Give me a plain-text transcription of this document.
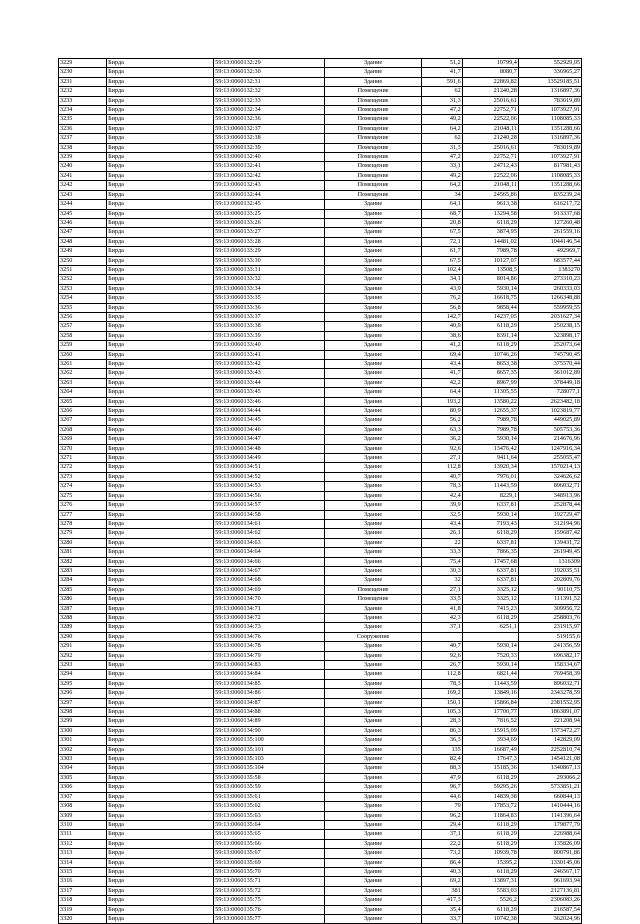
3229	Бирда	59:13:0060132:29	Здание	51,2	10799,4	552929,05
3230	Бирда	59:13:0060132:30	Здание	41,7	8080,7	336965,27
3231	Бирда	59:13:0060132:31	Здание	591,6	22869,82	13529185,51
3232	Бирда	59:13:0060132:32	Помещение	62	21240,28	1316897,36
3233	Бирда	59:13:0060132:33	Помещение	31,3	25016,61	783019,89
3234	Бирда	59:13:0060132:34	Помещение	47,2	22752,71	1073927,91
3235	Бирда	59:13:0060132:36	Помещение	49,2	22522,06	1108085,33
3236	Бирда	59:13:0060132:37	Помещение	64,2	21048,11	1351288,66
3237	Бирда	59:13:0060132:38	Помещение	62	21240,28	1316897,36
3238	Бирда	59:13:0060132:39	Помещение	31,3	25016,61	783019,89
3239	Бирда	59:13:0060132:40	Помещение	47,2	22752,71	1073927,91
3240	Бирда	59:13:0060132:41	Помещение	33,1	24712,43	817981,43
3241	Бирда	59:13:0060132:42	Помещение	49,2	22522,06	1108085,33
3242	Бирда	59:13:0060132:43	Помещение	64,2	21048,11	1351288,66
3243	Бирда	59:13:0060132:44	Помещение	34	24565,86	835239,24
3244	Бирда	59:13:0060132:45	Здание	64,1	9613,38	616217,72
3245	Бирда	59:13:0060133:25	Здание	68,7	13294,58	913337,68
3246	Бирда	59:13:0060133:26	Здание	20,8	6118,29	127260,48
3247	Бирда	59:13:0060133:27	Здание	67,5	3874,95	261559,16
3248	Бирда	59:13:0060133:28	Здание	72,1	14481,02	1044146,54
3249	Бирда	59:13:0060133:29	Здание	61,7	7989,78	492969,7
3250	Бирда	59:13:0060133:30	Здание	67,5	10127,07	683577,44
3251	Бирда	59:13:0060133:31	Здание	102,4	13508,5	1383270
3252	Бирда	59:13:0060133:32	Здание	34,1	8014,86	273310,23
3253	Бирда	59:13:0060133:34	Здание	43,9	5930,14	260333,03
3254	Бирда	59:13:0060133:35	Здание	76,2	16618,75	1266348,88
3255	Бирда	59:13:0060133:36	Здание	56,8	9858,44	559959,55
3256	Бирда	59:13:0060133:37	Здание	142,7	14237,05	2031627,34
3257	Бирда	59:13:0060133:38	Здание	40,9	6118,29	250238,15
3258	Бирда	59:13:0060133:39	Здание	38,6	8391,14	323898,17
3259	Бирда	59:13:0060133:40	Здание	41,2	6118,29	252073,64
3260	Бирда	59:13:0060133:41	Здание	69,4	10746,26	745790,45
3261	Бирда	59:13:0060133:42	Здание	43,4	8653,38	375570,44
3262	Бирда	59:13:0060133:43	Здание	41,7	8657,35	361012,89
3263	Бирда	59:13:0060133:44	Здание	42,2	8967,99	378449,18
3264	Бирда	59:13:0060133:45	Здание	64,4	11305,55	728077,1
3265	Бирда	59:13:0060133:46	Здание	193,2	13580,22	2623482,18
3266	Бирда	59:13:0060134:44	Здание	80,9	12655,37	1023819,77
3267	Бирда	59:13:0060134:45	Здание	56,2	7989,78	449025,89
3268	Бирда	59:13:0060134:46	Здание	63,3	7989,78	505753,36
3269	Бирда	59:13:0060134:47	Здание	36,2	5930,14	214676,96
3270	Бирда	59:13:0060134:48	Здание	92,6	13476,42	1247916,34
3271	Бирда	59:13:0060134:49	Здание	27,1	9411,64	255055,47
3272	Бирда	59:13:0060134:51	Здание	112,8	13920,34	1570214,13
3273	Бирда	59:13:0060134:52	Здание	40,7	7976,01	324626,62
3274	Бирда	59:13:0060134:53	Здание	78,3	11443,59	896032,71
3275	Бирда	59:13:0060134:56	Здание	42,4	8229,1	348913,96
3276	Бирда	59:13:0060134:57	Здание	39,9	6337,81	252878,44
3277	Бирда	59:13:0060134:58	Здание	32,5	5930,14	192729,47
3278	Бирда	59:13:0060134:61	Здание	43,4	7193,43	312194,96
3279	Бирда	59:13:0060134:62	Здание	26,1	6118,29	159687,42
3280	Бирда	59:13:0060134:63	Здание	22	6337,81	139431,72
3281	Бирда	59:13:0060134:64	Здание	33,3	7866,35	261949,45
3282	Бирда	59:13:0060134:66	Здание	75,4	17457,68	1316309
3283	Бирда	59:13:0060134:67	Здание	30,3	6337,81	192035,51
3284	Бирда	59:13:0060134:68	Здание	32	6337,81	202809,76
3285	Бирда	59:13:0060134:69	Помещение	27,1	3325,12	90110,75
3286	Бирда	59:13:0060134:70	Помещение	33,5	3325,12	111391,52
3287	Бирда	59:13:0060134:71	Здание	41,8	7415,23	309956,72
3288	Бирда	59:13:0060134:72	Здание	42,3	6118,29	258803,76
3289	Бирда	59:13:0060134:73	Здание	37,1	6251,1	231915,97
3290	Бирда	59:13:0060134:76	Сооружение			519155,6
3291	Бирда	59:13:0060134:78	Здание	40,7	5930,14	241356,59
3292	Бирда	59:13:0060134:79	Здание	92,6	7520,33	696382,17
3293	Бирда	59:13:0060134:83	Здание	26,7	5930,14	158334,67
3294	Бирда	59:13:0060134:84	Здание	112,8	6821,44	769458,39
3295	Бирда	59:13:0060134:85	Здание	78,3	11443,59	896032,71
3296	Бирда	59:13:0060134:86	Здание	169,2	13849,16	2343278,59
3297	Бирда	59:13:0060134:87	Здание	150,1	15866,84	2381552,95
3298	Бирда	59:13:0060134:88	Здание	105,3	17700,77	1863891,07
3299	Бирда	59:13:0060134:89	Здание	28,3	7816,52	221208,94
3300	Бирда	59:13:0060134:90	Здание	86,3	15915,09	1373472,27
3301	Бирда	59:13:0060135:100	Здание	36,3	3934,69	142829,09
3302	Бирда	59:13:0060135:101	Здание	135	16687,49	2252810,74
3303	Бирда	59:13:0060135:103	Здание	82,4	17647,3	1454121,08
3304	Бирда	59:13:0060135:104	Здание	88,3	15185,36	1340867,13
3305	Бирда	59:13:0060135:58	Здание	47,9	6118,29	293066,2
3306	Бирда	59:13:0060135:59	Здание	96,7	59295,26	5733851,21
3307	Бирда	59:13:0060135:61	Здание	44,6	14839,38	660844,13
3308	Бирда	59:13:0060135:62	Здание	79	17853,72	1410444,16
3309	Бирда	59:13:0060135:63	Здание	96,2	11864,83	1141396,64
3310	Бирда	59:13:0060135:64	Здание	29,4	6118,29	179877,79
3311	Бирда	59:13:0060135:65	Здание	37,1	6118,29	226988,64
3312	Бирда	59:13:0060135:66	Здание	22,2	6118,29	135826,09
3313	Бирда	59:13:0060135:67	Здание	73,2	10939,78	800791,86
3314	Бирда	59:13:0060135:69	Здание	86,4	15395,2	1330145,06
3315	Бирда	59:13:0060135:70	Здание	40,3	6118,29	246567,17
3316	Бирда	59:13:0060135:71	Здание	69,2	13897,31	961693,94
3317	Бирда	59:13:0060135:72	Здание	381	5583,03	2127136,81
3318	Бирда	59:13:0060135:75	Здание	417,3	5526,2	2306083,26
3319	Бирда	59:13:0060135:76	Здание	35,4	6118,29	216587,54
3320	Бирда	59:13:0060135:77	Здание	33,7	10742,38	362024,96
